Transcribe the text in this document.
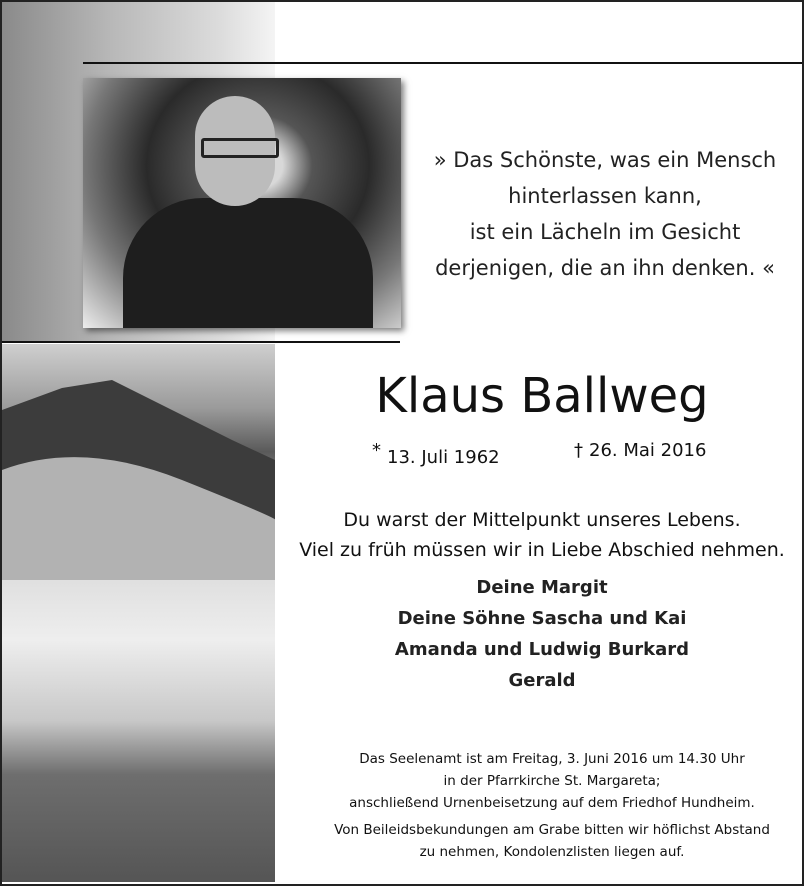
» Das Schönste, was ein Mensch
hinterlassen kann,
ist ein Lächeln im Gesicht
derjenigen, die an ihn denken. «
Klaus Ballweg
* 13. Juli 1962	† 26. Mai 2016
Du warst der Mittelpunkt unseres Lebens.
Viel zu früh müssen wir in Liebe Abschied nehmen.
Deine Margit
Deine Söhne Sascha und Kai
Amanda und Ludwig Burkard
Gerald
Das Seelenamt ist am Freitag, 3. Juni 2016 um 14.30 Uhr
in der Pfarrkirche St. Margareta;
anschließend Urnenbeisetzung auf dem Friedhof Hundheim.
Von Beileidsbekundungen am Grabe bitten wir höflichst Abstand
zu nehmen, Kondolenzlisten liegen auf.
